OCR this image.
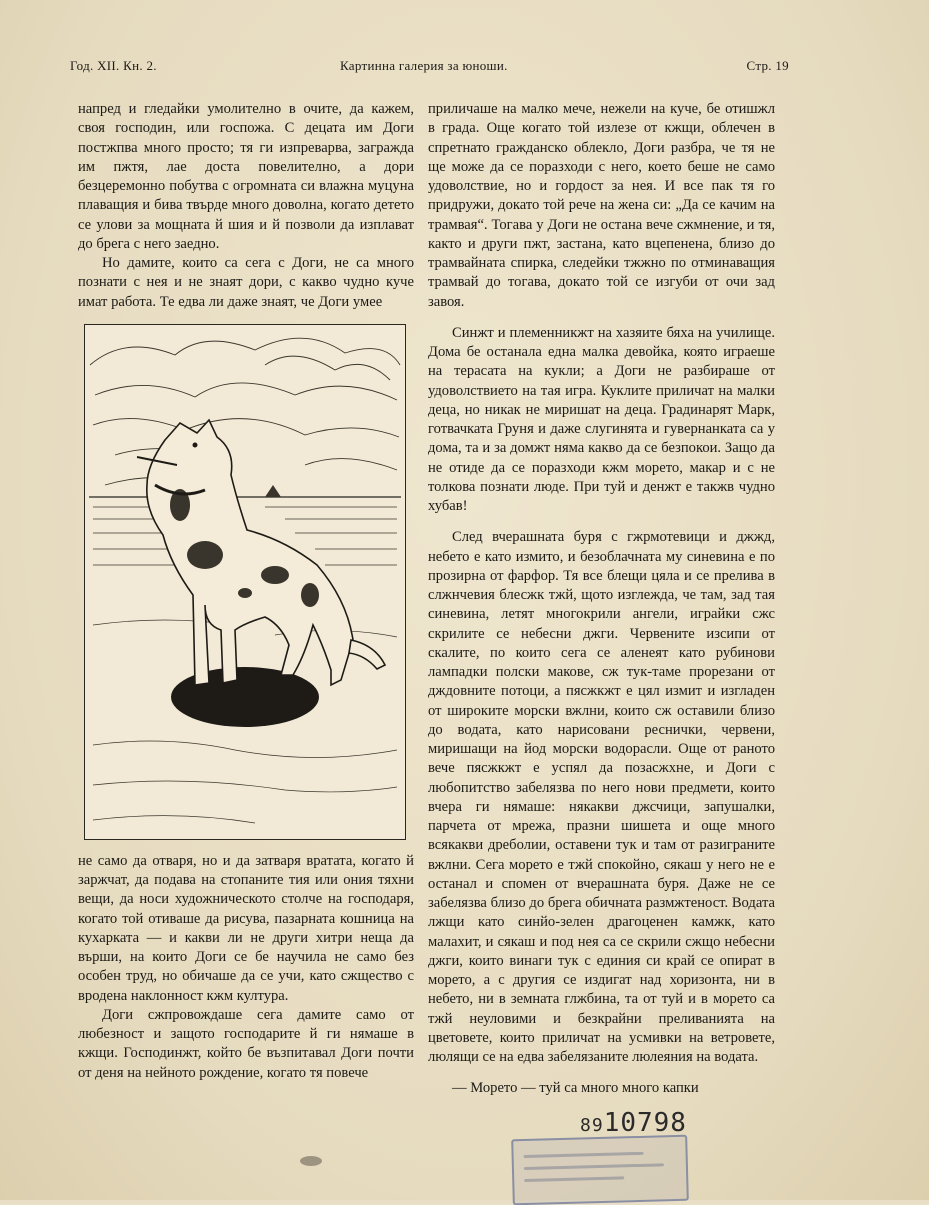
Год. XII. Кн. 2.	Картинна галерия за юноши.	Стр. 19

напред и гледайки умолително в очите, да кажем, своя господин, или госпожа. С децата им Доги постжпва много просто; тя ги изпреварва, заграждa им пжтя, лае доста повелително, а дори безцеремонно побутва с огромната си влажна муцуна плаващия и бива твърде много доволна, когато детето се улови за мощната й шия и й позволи да изплават до брега с него заедно.

Но дамите, които са сега с Доги, не са много познати с нея и не знаят дори, с какво чудно куче имат работа. Те едва ли даже знаят, че Доги умее

не само да отваря, но и да затваря вратата, когато й заржчат, да подава на стопаните тия или ония тяхни вещи, да носи художническото столче на господаря, когато той отиваше да рисува, пазарната кошница на кухарката — и какви ли не други хитри неща да върши, на които Доги се бе научила не само без особен труд, но обичаше да се учи, като сжщество с вродена наклонност кжм култура.

Доги сжпровождаше сега дамите само от любезност и защото господарите й ги нямаше в кжщи. Господинжт, който бе възпитавал Доги почти от деня на нейното рождение, когато тя повече

приличаше на малко мече, нежели на куче, бе отишжл в града. Още когато той излезе от кжщи, облечен в спретнато гражданско облекло, Доги разбра, че тя не ще може да се поразходи с него, което беше не само удоволствие, но и гордост за нея. И все пак тя го придружи, докато той рече на жена си: „Да се качим на трамвая“. Тогава у Доги не остана вече сжмнение, и тя, както и други пжт, застана, като вцепенена, близо до трамвайната спирка, следейки тжжно по отминаващия трамвай до тогава, докато той се изгуби от очи зад завоя.

Синжт и племенникжт на хазяите бяха на училище. Дома бе останала една малка девойка, която играеше на терасата на кукли; а Доги не разбираше от удоволствието на тая игра. Куклите приличат на малки деца, но никак не миришат на деца. Градинарят Марк, готвачката Груня и даже слугинята и гувернанката са у дома, та и за домжт няма какво да се безпокои. Защо да не отиде да се поразходи кжм морето, макар и с не толкова познати люде. При туй и денжт е такжв чудно хубав!

След вчерашната буря с гжрмотевици и джжд, небето е като измито, и безоблачната му синевина е по прозирна от фарфор. Тя все блещи цяла и се прелива в слжнчевия блесжк тжй, щото изглежда, че там, зад тая синевина, летят многокрили ангели, играйки сжс скрилите се небесни джги. Червените изсипи от скалите, по които сега се аленеят като рубинови лампадки полски макове, сж тук-таме прорезани от дждовните потоци, а пясжкжт е цял измит и изгладен от широките морски вжлни, които сж оставили близо до водата, като нарисовани реснички, червени, миришащи на йод морски водорасли. Още от раното вече пясжкжт е успял да позасжхне, и Доги с любопитство забелязва по него нови предмети, които вчера ги нямаше: някакви джсчици, запушалки, парчета от мрежа, празни шишета и още много всякакви дреболии, оставени тук и там от разиграните вжлни. Сега морето е тжй спокойно, сякаш у него не е останал и спомен от вчерашната буря. Даже не се забелязва близо до брега обичната размжтеност. Водата лжщи като синйо-зелен драгоценен камжк, като малахит, и сякаш и под нея са се скрили сжщо небесни джги, които винаги тук с единия си край се опират в морето, а с другия се издигат над хоризонта, ни в небето, ни в земната глжбина, та от туй и в морето са тжй неуловими и безкрайни преливанията на цветовете, които приличат на усмивки на ветровете, люлящи се на едва забелязаните люлеяния на водата.

— Морето — туй са много много капки

8910798
